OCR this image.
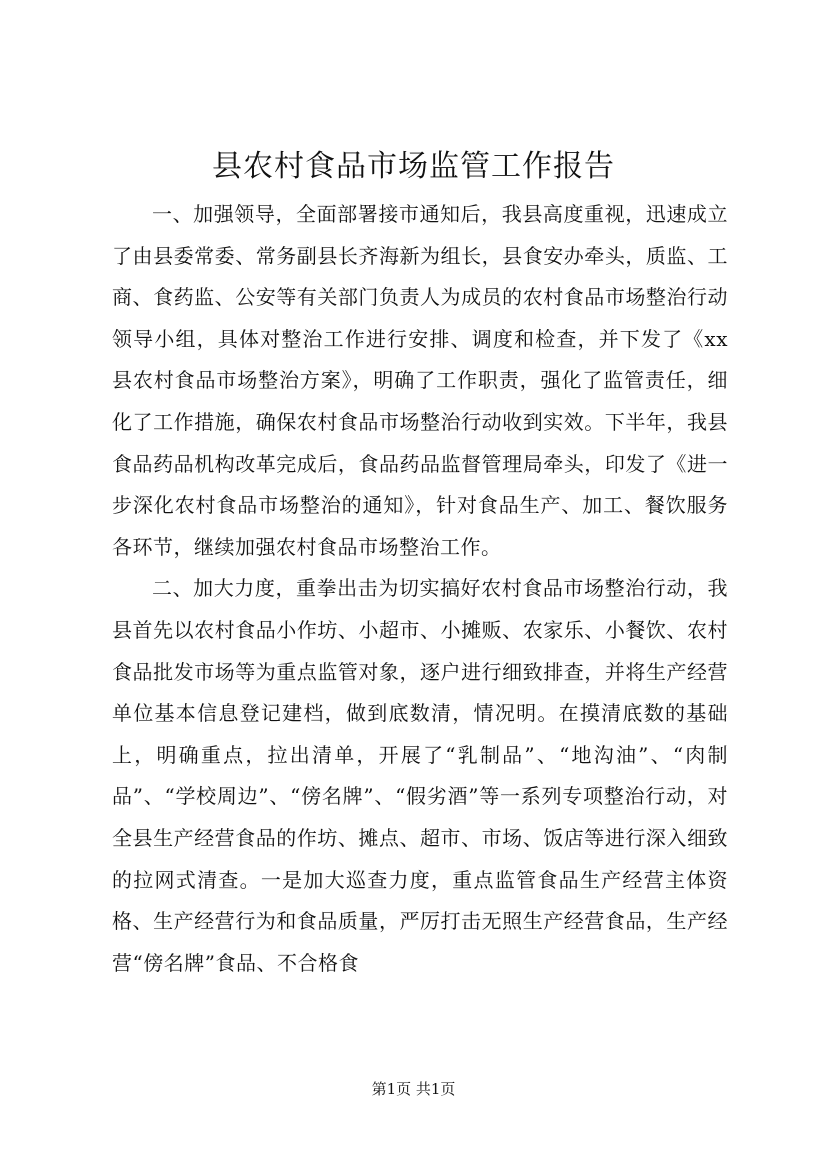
县农村食品市场监管工作报告

一、加强领导，全面部署接市通知后，我县高度重视，迅速成立了由县委常委、常务副县长齐海新为组长，县食安办牵头，质监、工商、食药监、公安等有关部门负责人为成员的农村食品市场整治行动领导小组，具体对整治工作进行安排、调度和检查，并下发了《xx县农村食品市场整治方案》，明确了工作职责，强化了监管责任，细化了工作措施，确保农村食品市场整治行动收到实效。下半年，我县食品药品机构改革完成后，食品药品监督管理局牵头，印发了《进一步深化农村食品市场整治的通知》，针对食品生产、加工、餐饮服务各环节，继续加强农村食品市场整治工作。

二、加大力度，重拳出击为切实搞好农村食品市场整治行动，我县首先以农村食品小作坊、小超市、小摊贩、农家乐、小餐饮、农村食品批发市场等为重点监管对象，逐户进行细致排查，并将生产经营单位基本信息登记建档，做到底数清，情况明。在摸清底数的基础上，明确重点，拉出清单，开展了“乳制品”、“地沟油”、“肉制品”、“学校周边”、“傍名牌”、“假劣酒”等一系列专项整治行动，对全县生产经营食品的作坊、摊点、超市、市场、饭店等进行深入细致的拉网式清查。一是加大巡查力度，重点监管食品生产经营主体资格、生产经营行为和食品质量，严厉打击无照生产经营食品，生产经营“傍名牌”食品、不合格食

第1页 共1页
